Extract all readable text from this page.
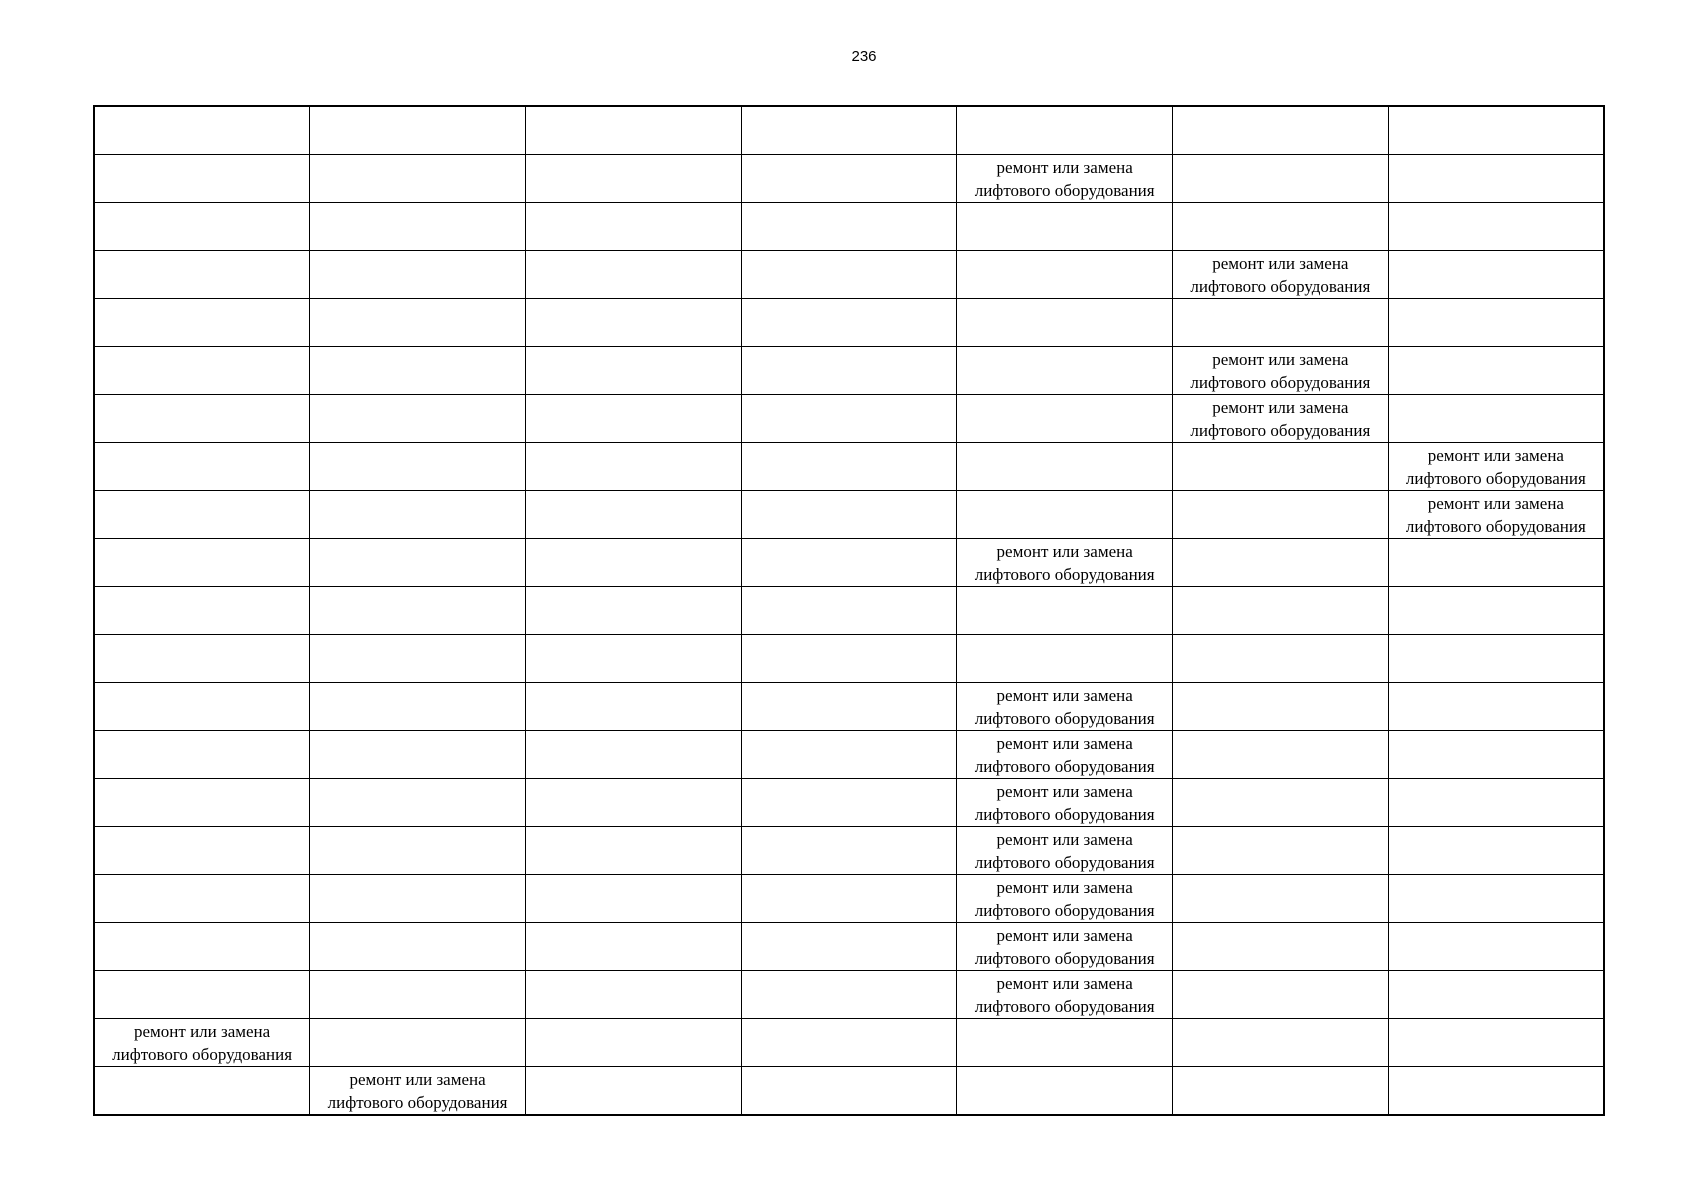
236

				ремонт или замена
лифтового оборудования		

					ремонт или замена
лифтового оборудования	

					ремонт или замена
лифтового оборудования	

					ремонт или замена
лифтового оборудования	

						ремонт или замена
лифтового оборудования

						ремонт или замена
лифтового оборудования

				ремонт или замена
лифтового оборудования		

				ремонт или замена
лифтового оборудования		

				ремонт или замена
лифтового оборудования		

				ремонт или замена
лифтового оборудования		

				ремонт или замена
лифтового оборудования		

				ремонт или замена
лифтового оборудования		

				ремонт или замена
лифтового оборудования		

				ремонт или замена
лифтового оборудования		

ремонт или замена
лифтового оборудования						

	ремонт или замена
лифтового оборудования					
